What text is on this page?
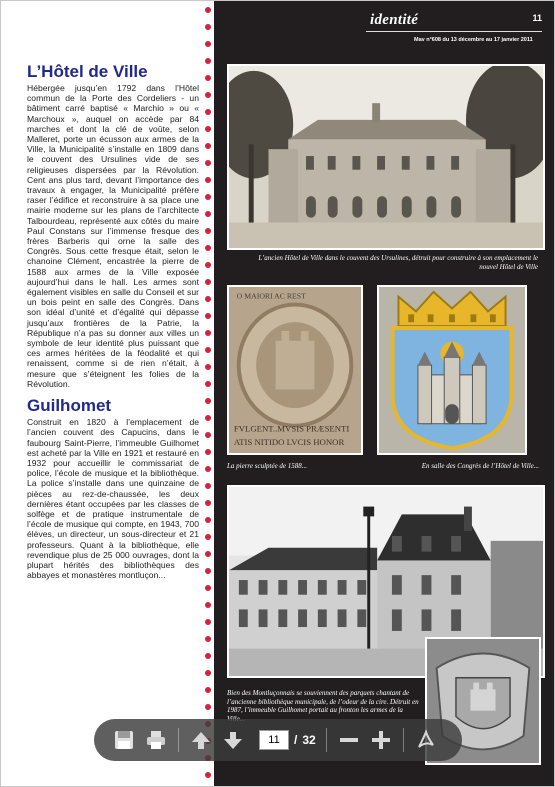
L’Hôtel de Ville

Hébergée jusqu’en 1792 dans l’Hôtel commun de la Porte des Cordeliers - un bâtiment carré baptisé « Marchio » ou « Marchoux », auquel on accède par 84 marches et dont la clé de voûte, selon Malleret, porte un écusson aux armes de la Ville, la Municipalité s’installe en 1809 dans le couvent des Ursulines vide de ses religieuses dispersées par la Révolution. Cent ans plus tard, devant l’importance des travaux à engager, la Municipalité préfère raser l’édifice et reconstruire à sa place une mairie moderne sur les plans de l’architecte Talbourdeau, représenté aux côtés du maire Paul Constans sur l’immense fresque des frères Barberis qui orne la salle des Congrès. Sous cette fresque était, selon le chanoine Clément, encastrée la pierre de 1588 aux armes de la Ville exposée aujourd’hui dans le hall. Les armes sont également visibles en salle du Conseil et sur un bois peint en salle des Congrès. Dans son idéal d’unité et d’égalité qui dépasse jusqu’aux frontières de la Patrie, la République n’a pas su donner aux villes un symbole de leur identité plus puissant que ces armes héritées de la féodalité et qui renaissent, comme si de rien n’était, à mesure que s’éteignent les folies de la Révolution.

Guilhomet

Construit en 1820 à l’emplacement de l’ancien couvent des Capucins, dans le faubourg Saint-Pierre, l’immeuble Guilhomet est acheté par la Ville en 1921 et restauré en 1932 pour accueillir le commissariat de police, l’école de musique et la bibliothèque. La police s’installe dans une quinzaine de pièces au rez-de-chaussée, les deux dernières étant occupées par les classes de solfège et de pratique instrumentale de l’école de musique qui compte, en 1943, 700 élèves, un directeur, un sous-directeur et 21 professeurs. Quant à la bibliothèque, elle revendique plus de 25 000 ouvrages, dont la plupart hérités des bibliothèques des abbayes et monastères montluçon...

identité	11
Mav n°608 du 13 décembre au 17 janvier 2011
L’ancien Hôtel de Ville dans le couvent des Ursulines, détruit pour construire à son emplacement le nouvel Hôtel de Ville
O MAIORI AC REST
FVLGENT..MVSIS PRÆSENTI
ATIS NITIDO LVCIS HONOR
La pierre sculptée de 1588...	En salle des Congrès de l’Hôtel de Ville...
Bien des Montluçonnais se souviennent des parquets chantant de l’ancienne bibliothèque municipale, de l’odeur de la cire. Détruit en 1987, l’immeuble Guilhomet portait au fronton les armes de la
11	/ 32
